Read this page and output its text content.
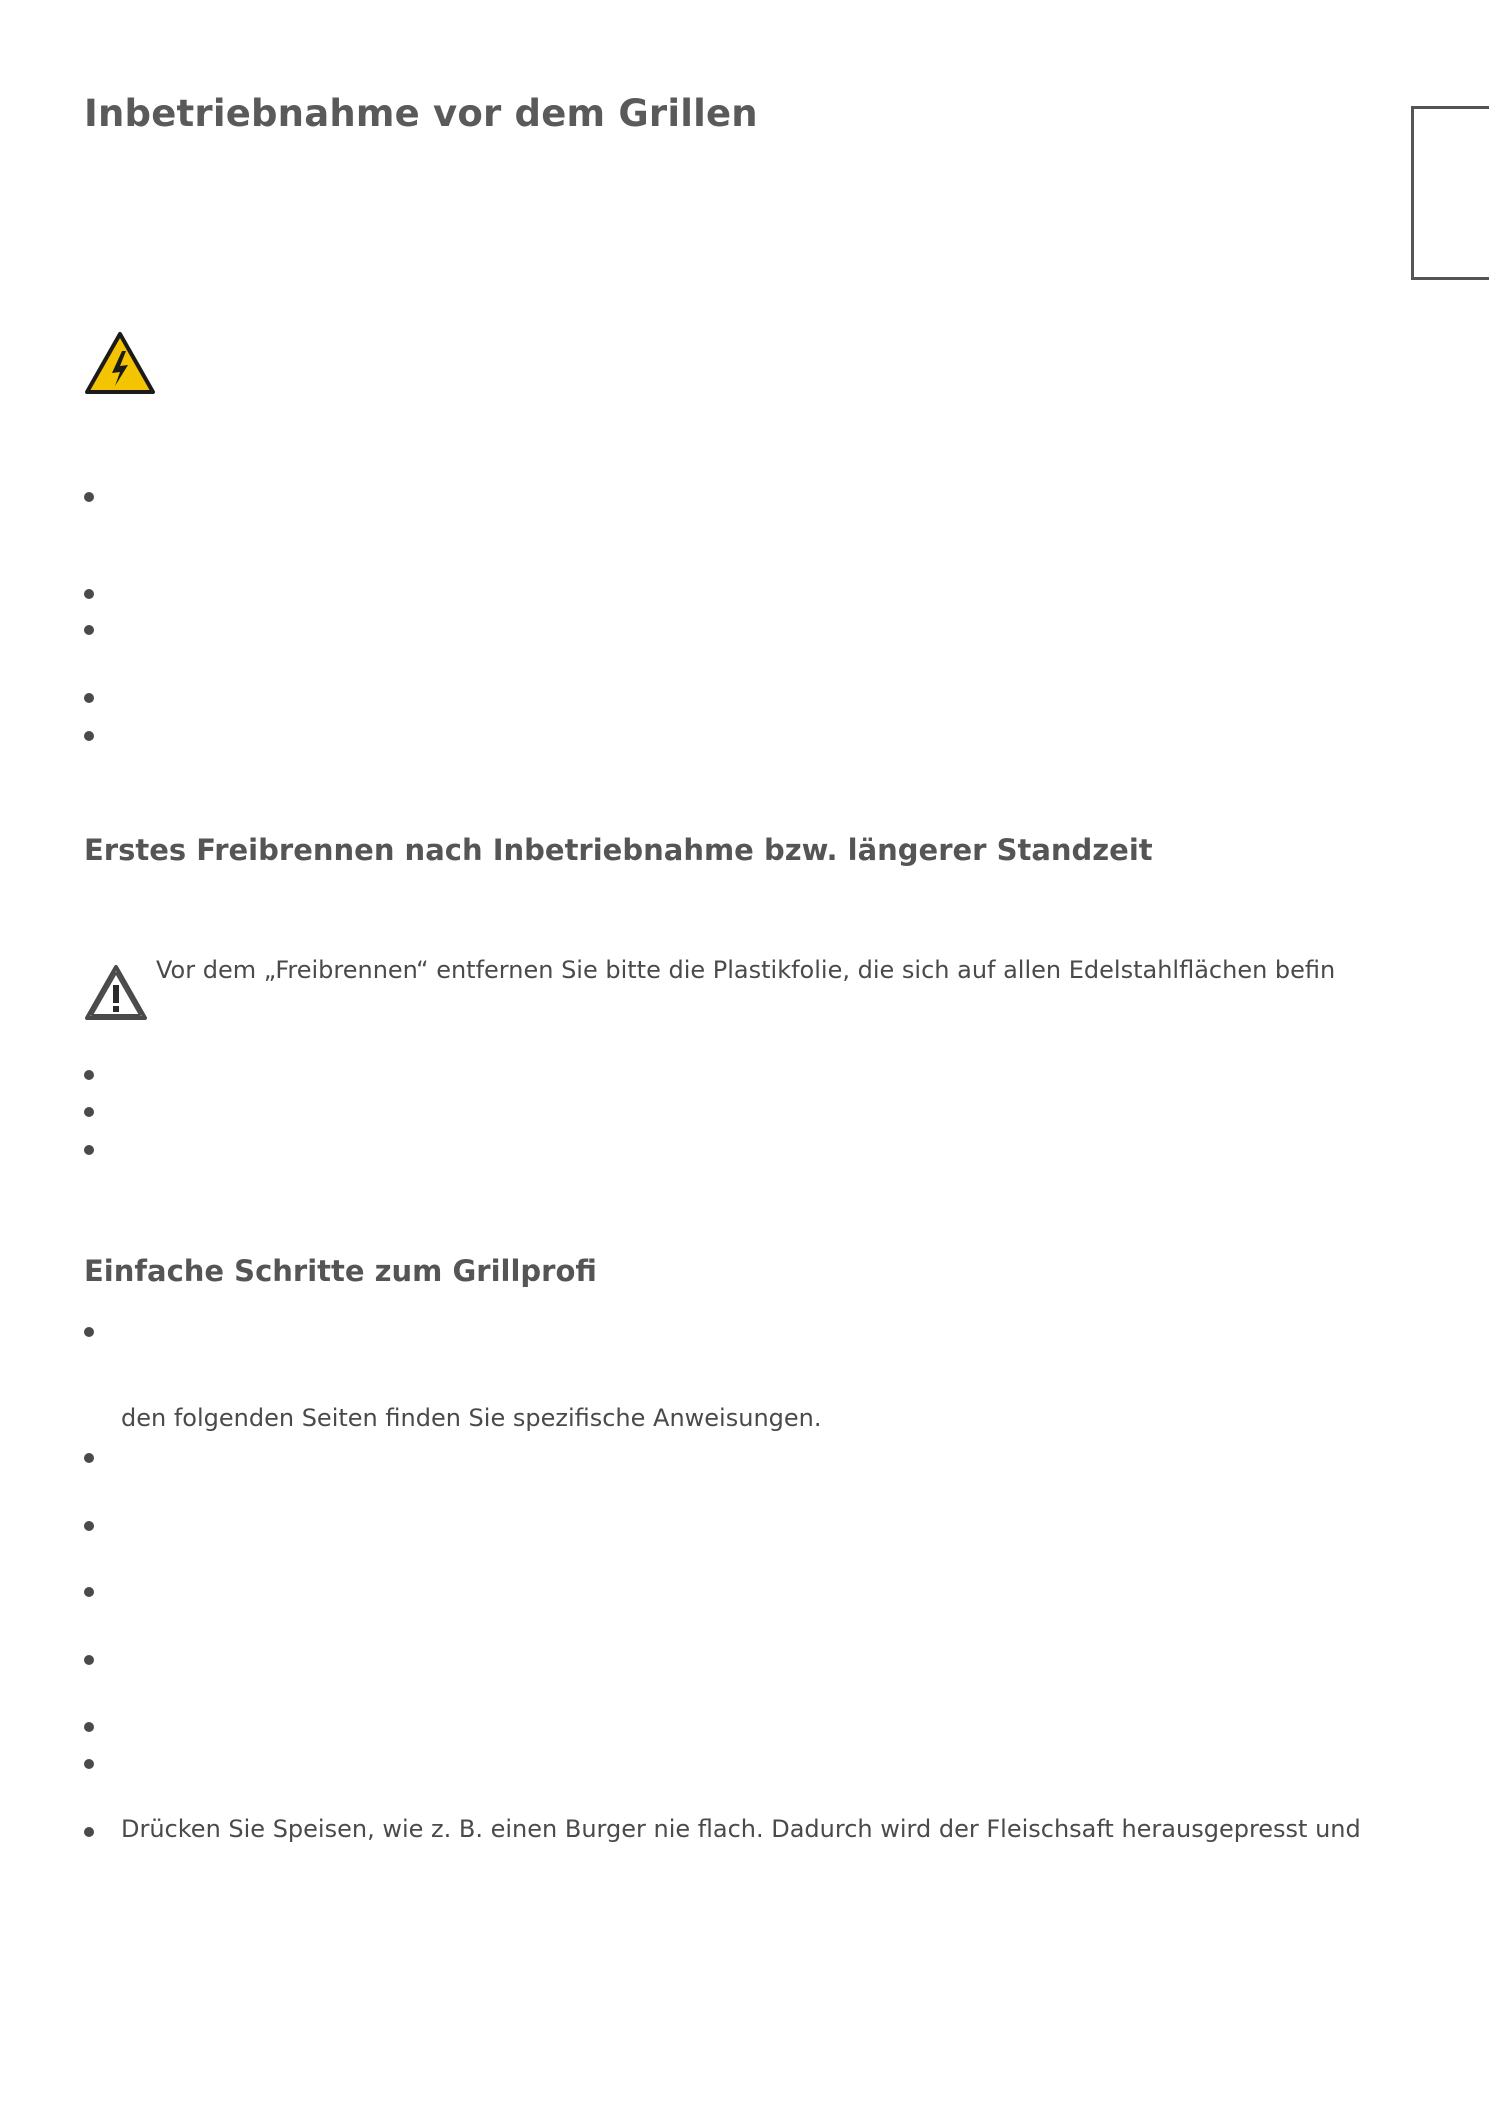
Inbetriebnahme vor dem Grillen
Erstes Freibrennen nach Inbetriebnahme bzw. längerer Standzeit
Vor dem „Freibrennen“ entfernen Sie bitte die Plastikfolie, die sich auf allen Edelstahlflächen befin
Einfache Schritte zum Grillprofi
den folgenden Seiten finden Sie spezifische Anweisungen.
Drücken Sie Speisen, wie z. B. einen Burger nie flach. Dadurch wird der Fleischsaft herausgepresst und
